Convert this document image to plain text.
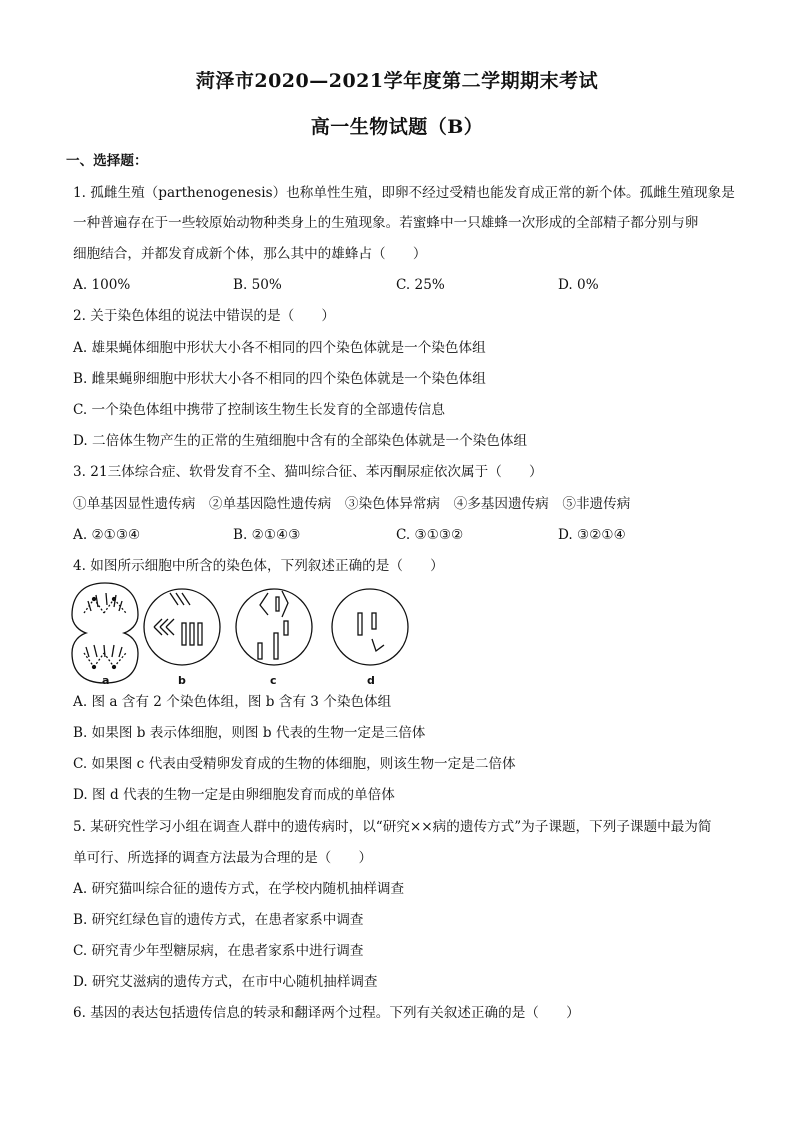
菏泽市2020—2021学年度第二学期期末考试
高一生物试题（B）
一、选择题：
1. 孤雌生殖（parthenogenesis）也称单性生殖，即卵不经过受精也能发育成正常的新个体。孤雌生殖现象是
一种普遍存在于一些较原始动物种类身上的生殖现象。若蜜蜂中一只雄蜂一次形成的全部精子都分别与卵
细胞结合，并都发育成新个体，那么其中的雄蜂占（　　）
A. 100%	B. 50%	C. 25%	D. 0%
2. 关于染色体组的说法中错误的是（　　）
A. 雄果蝇体细胞中形状大小各不相同的四个染色体就是一个染色体组
B. 雌果蝇卵细胞中形状大小各不相同的四个染色体就是一个染色体组
C. 一个染色体组中携带了控制该生物生长发育的全部遗传信息
D. 二倍体生物产生的正常的生殖细胞中含有的全部染色体就是一个染色体组
3. 21三体综合症、软骨发育不全、猫叫综合征、苯丙酮尿症依次属于（　　）
①单基因显性遗传病　②单基因隐性遗传病　③染色体异常病　④多基因遗传病　⑤非遗传病
A. ②①③④	B. ②①④③	C. ③①③②	D. ③②①④
4. 如图所示细胞中所含的染色体，下列叙述正确的是（　　）
a	b	c	d
A. 图 a 含有 2 个染色体组，图 b 含有 3 个染色体组
B. 如果图 b 表示体细胞，则图 b 代表的生物一定是三倍体
C. 如果图 c 代表由受精卵发育成的生物的体细胞，则该生物一定是二倍体
D. 图 d 代表的生物一定是由卵细胞发育而成的单倍体
5. 某研究性学习小组在调查人群中的遗传病时，以“研究××病的遗传方式”为子课题，下列子课题中最为简
单可行、所选择的调查方法最为合理的是（　　）
A. 研究猫叫综合征的遗传方式，在学校内随机抽样调查
B. 研究红绿色盲的遗传方式，在患者家系中调查
C. 研究青少年型糖尿病，在患者家系中进行调查
D. 研究艾滋病的遗传方式，在市中心随机抽样调查
6. 基因的表达包括遗传信息的转录和翻译两个过程。下列有关叙述正确的是（　　）
